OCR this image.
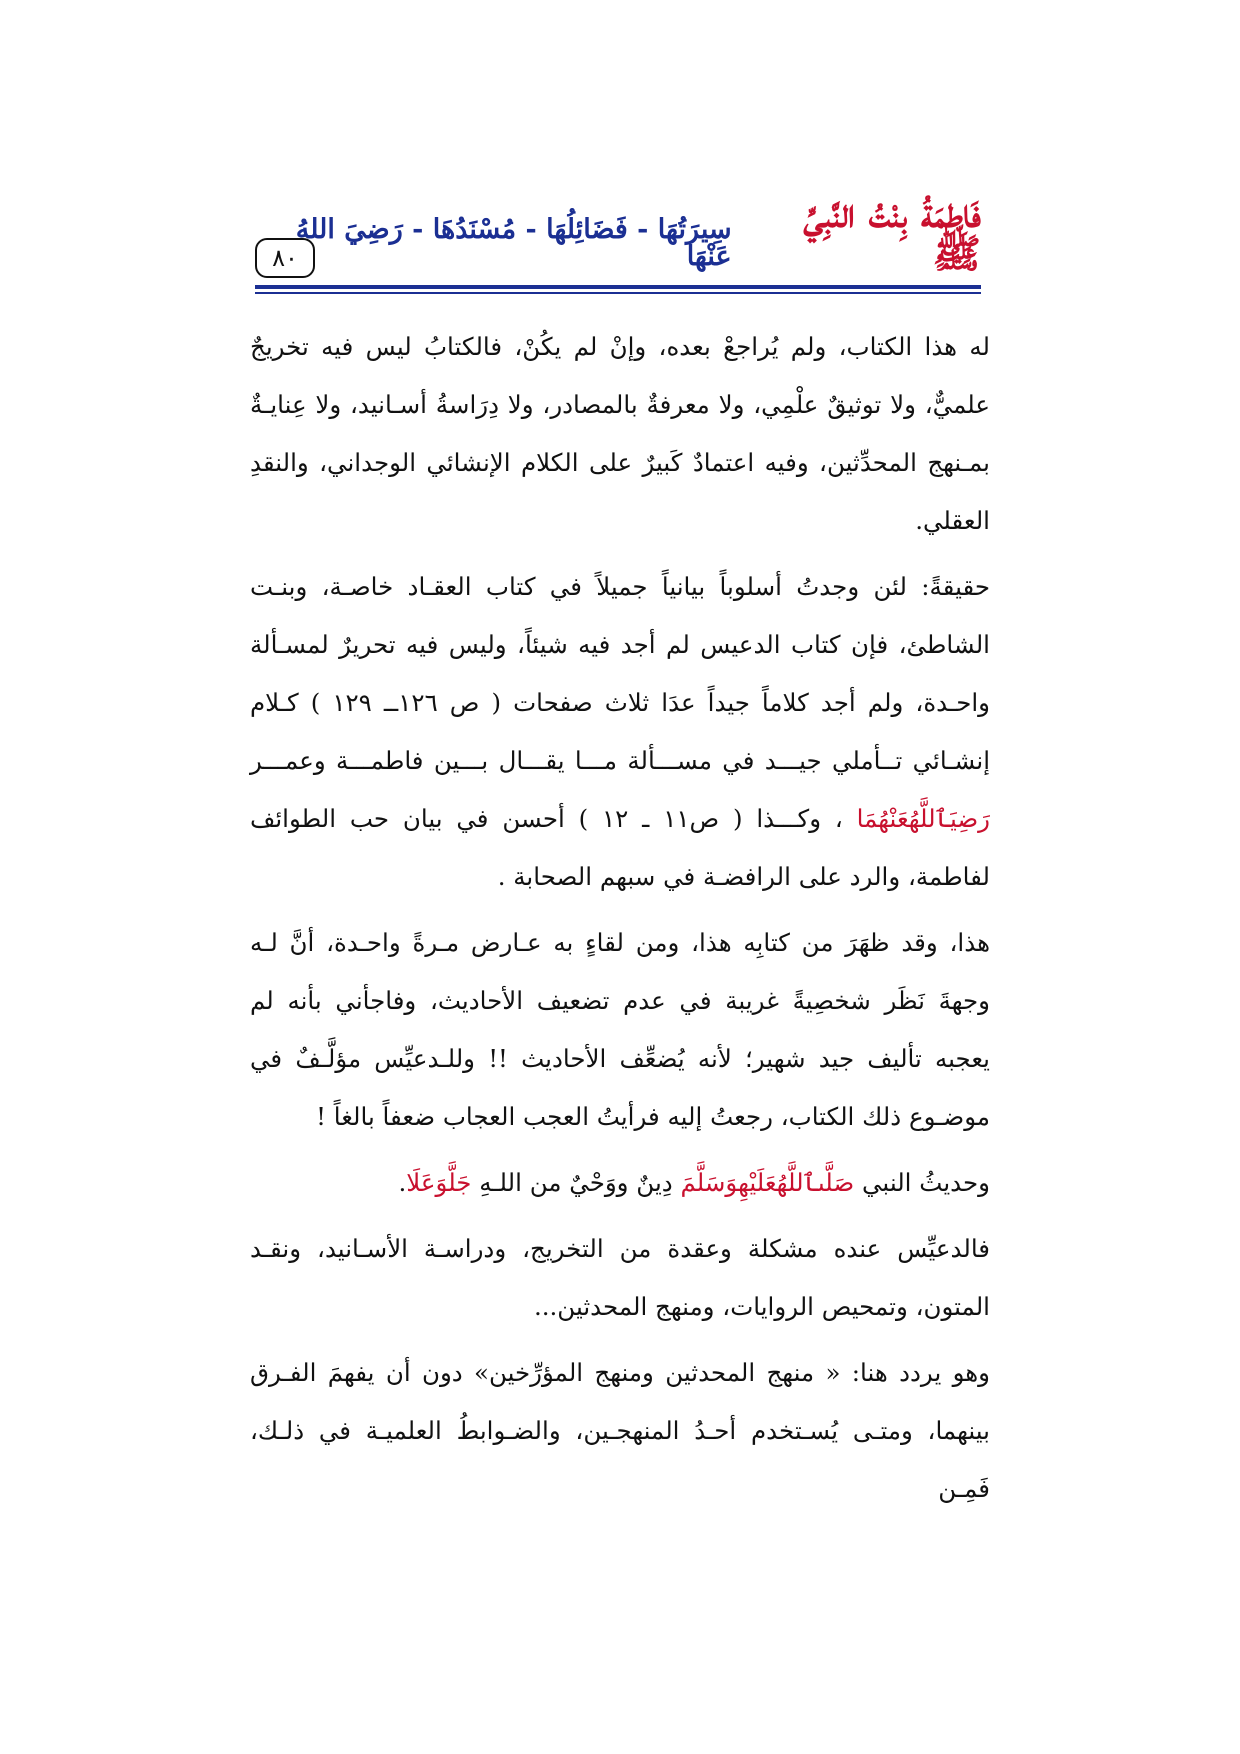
٨٠
فَاطِمَةُ بِنْتُ النَّبِيِّ ﷺ
سِيرَتُهَا - فَضَائِلُهَا - مُسْنَدُهَا - رَضِيَ اللهُ عَنْهَا

له هذا الكتاب، ولم يُراجعْ بعده، وإنْ لم يكُنْ، فالكتابُ ليس فيه تخريجٌ علميٌّ، ولا توثيقٌ علْمِي، ولا معرفةٌ بالمصادر، ولا دِرَاسةُ أسـانيد، ولا عِنايـةٌ بمـنهج المحدِّثين، وفيه اعتمادٌ كَبيرٌ على الكلام الإنشائي الوجداني، والنقدِ العقلي.

حقيقةً: لئن وجدتُ أسلوباً بيانياً جميلاً في كتاب العقـاد خاصـة، وبنـت الشاطئ، فإن كتاب الدعيس لم أجد فيه شيئاً، وليس فيه تحريرٌ لمسـألة واحـدة، ولم أجد كلاماً جيداً عدَا ثلاث صفحات ( ص ١٢٦ــ ١٢٩ ) كـلام إنشـائي تــأملي جيـــد في مســـألة مـــا يقـــال بـــين فاطمـــة وعمـــر رَضِيَٱللَّهُعَنْهُمَا ، وكـــذا ( ص١١ ـ ١٢ ) أحسن في بيان حب الطوائف لفاطمة، والرد على الرافضـة في سبهم الصحابة .

هذا، وقد ظهَرَ من كتابِه هذا، ومن لقاءٍ به عـارض مـرةً واحـدة، أنَّ لـه وجهةَ نَظَر شخصِيةً غريبة في عدم تضعيف الأحاديث، وفاجأني بأنه لم يعجبه تأليف جيد شهير؛ لأنه يُضعِّف الأحاديث !! وللـدعيِّس مؤلَّـفٌ في موضـوع ذلك الكتاب، رجعتُ إليه فرأيتُ العجب العجاب ضعفاً بالغاً !

وحديثُ النبي صَلَّىٱللَّهُعَلَيْهِوَسَلَّمَ دِينٌ ووَحْيٌ من اللـهِ جَلَّوَعَلَا.

فالدعيِّس عنده مشكلة وعقدة من التخريج، ودراسـة الأسـانيد، ونقـد المتون، وتمحيص الروايات، ومنهج المحدثين...

وهو يردد هنا: « منهج المحدثين ومنهج المؤرِّخين» دون أن يفهمَ الفـرق بينهما، ومتـى يُسـتخدم أحـدُ المنهجـين، والضـوابطُ العلميـة في ذلـك، فَمِـن
